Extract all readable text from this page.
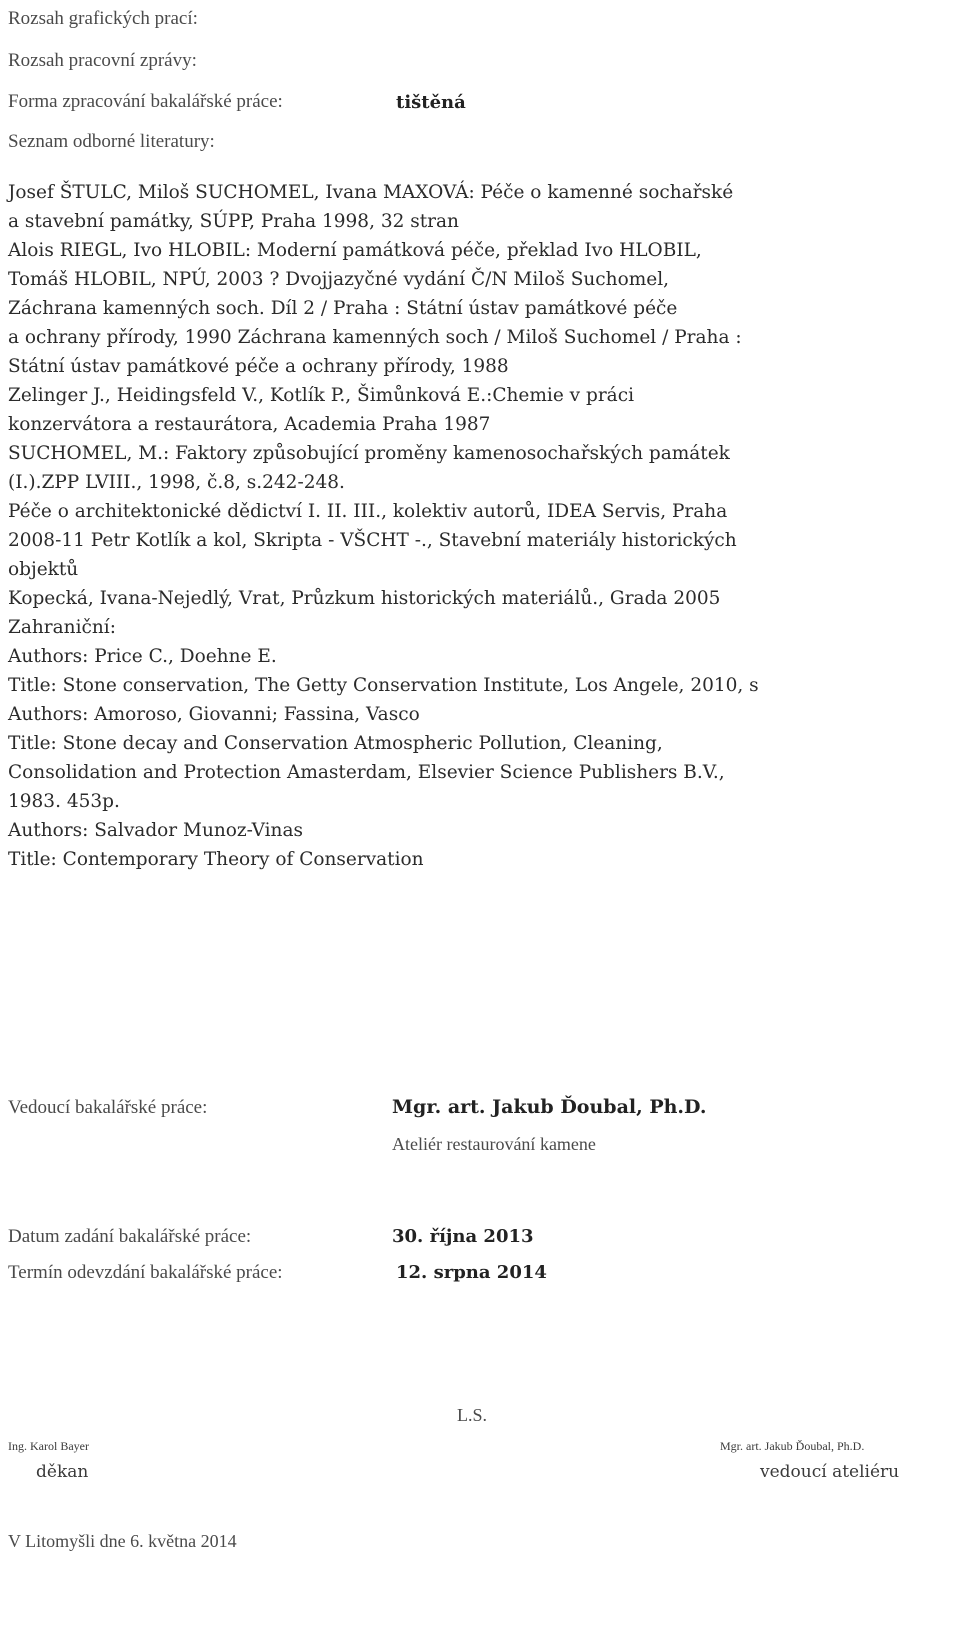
Rozsah grafických prací:
Rozsah pracovní zprávy:
Forma zpracování bakalářské práce:	tištěná
Seznam odborné literatury:
Josef ŠTULC, Miloš SUCHOMEL, Ivana MAXOVÁ: Péče o kamenné sochařské
a stavební památky, SÚPP, Praha 1998, 32 stran
Alois RIEGL, Ivo HLOBIL: Moderní památková péče, překlad Ivo HLOBIL,
Tomáš HLOBIL, NPÚ, 2003 ? Dvojjazyčné vydání Č/N Miloš Suchomel,
Záchrana kamenných soch. Díl 2 / Praha : Státní ústav památkové péče
a ochrany přírody, 1990 Záchrana kamenných soch / Miloš Suchomel / Praha :
Státní ústav památkové péče a ochrany přírody, 1988
Zelinger J., Heidingsfeld V., Kotlík P., Šimůnková E.:Chemie v práci
konzervátora a restaurátora, Academia Praha 1987
SUCHOMEL, M.: Faktory způsobující proměny kamenosochařských památek
(I.).ZPP LVIII., 1998, č.8, s.242-248.
Péče o architektonické dědictví I. II. III., kolektiv autorů, IDEA Servis, Praha
2008-11 Petr Kotlík a kol, Skripta - VŠCHT -., Stavební materiály historických
objektů
Kopecká, Ivana-Nejedlý, Vrat, Průzkum historických materiálů., Grada 2005
Zahraniční:
Authors: Price C., Doehne E.
Title: Stone conservation, The Getty Conservation Institute, Los Angele, 2010, s
Authors: Amoroso, Giovanni; Fassina, Vasco
Title: Stone decay and Conservation Atmospheric Pollution, Cleaning,
Consolidation and Protection Amasterdam, Elsevier Science Publishers B.V.,
1983. 453p.
Authors: Salvador Munoz-Vinas
Title: Contemporary Theory of Conservation
Vedoucí bakalářské práce:	Mgr. art. Jakub Ďoubal, Ph.D.
Ateliér restaurování kamene
Datum zadání bakalářské práce:	30. října 2013
Termín odevzdání bakalářské práce:	12. srpna 2014
L.S.
Ing. Karol Bayer
děkan
Mgr. art. Jakub Ďoubal, Ph.D.
vedoucí ateliéru
V Litomyšli dne 6. května 2014
